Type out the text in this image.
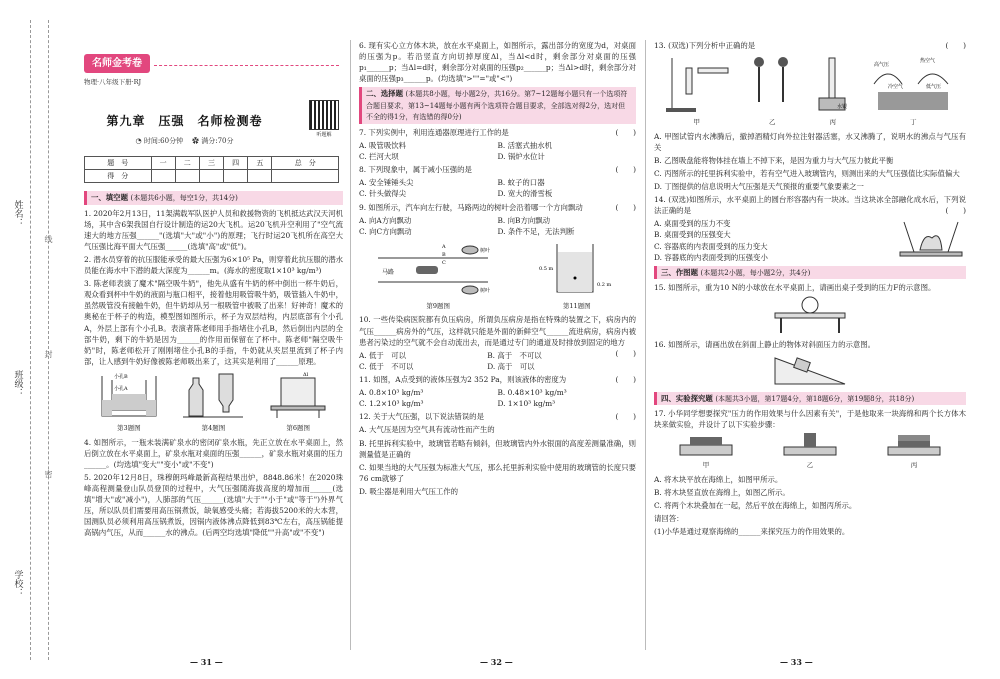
姓名：
班级：
学校：
线
封
密
名师金考卷
物理·八年级下册·RJ
听题解
第九章　压强　名师检测卷
◔ 时间:60分钟 ✿ 满分:70分
题　号	一	二	三	四	五	总　分
得　分						
一、填空题 (本题共6小题，每空1分，共14分)
1. 2020年2月13日，11架满载军队医护人员和救援物资的飞机抵达武汉天河机场，其中含6架我国自行设计制造的运20大飞机。运20飞机升空利用了"空气流速大的地方压强______"(选填"大"或"小")的原理；飞行时运20飞机所在高空大气压强比海平面大气压强______(选填"高"或"低")。
2. 潜水员穿着的抗压服能承受的最大压强为6×10⁵ Pa，则穿着此抗压服的潜水员能在海水中下潜的最大深度为______m。(海水的密度取1×10³ kg/m³)
3. 陈老师表演了魔术"隔空吸牛奶"，他先从盛有牛奶的杯中倒出一杯牛奶后，观众看到杯中牛奶的液面与瓶口相平，接着他用吸管吸牛奶，吸管插入牛奶中，虽然吸管没有接触牛奶，但牛奶却从另一根吸管中被吸了出来！好神奇！魔术的奥秘在于杯子的构造，模型图如图所示，杯子为双层结构，内层底部有个小孔A，外层上部有个小孔B。表演者陈老师用手指堵住小孔B，然后倒出内层的全部牛奶，剩下的牛奶是因为______的作用而保留在了杯中。陈老师"隔空吸牛奶"时，陈老师松开了刚刚堵住小孔B的手指，牛奶就从夹层里流到了杯子内部，让人感到牛奶好像被陈老师吸出来了，这其实是利用了______原理。
小孔B
小孔A
第3题图	第4题图
Δl
第6题图
4. 如图所示，一瓶未装满矿泉水的密闭矿泉水瓶，先正立放在水平桌面上，然后倒立放在水平桌面上，矿泉水瓶对桌面的压强______，矿泉水瓶对桌面的压力______。(均选填"变大""变小"或"不变")
5. 2020年12月8日，珠穆朗玛峰最新高程结果出炉，8848.86米！在2020珠峰高程测量登山队员登顶的过程中，大气压强随海拔高度的增加而______(选填"增大"或"减小")，人肺部的气压______(选填"大于""小于"或"等于")外界气压，所以队员们需要用高压锅煮饭，缺氧感受头痛；若海拔5200米的大本营，国测队员必须利用高压锅煮饭，因锅内液体沸点降低到83℃左右，高压锅能提高锅内气压，从而______水的沸点。(后两空均选填"降低""升高"或"不变")
6. 现有实心立方体木块，放在水平桌面上，如图所示，露出部分的宽度为d，对桌面的压强为p。若沿竖直方向切掉厚度Δl，当Δl<d时，剩余部分对桌面的压强p₁______p；当Δl=d时，剩余部分对桌面的压强p₂______p；当Δl>d时，剩余部分对桌面的压强p₃______p。(均选填">""="或"<")
二、选择题 (本题共8小题，每小题2分，共16分。第7~12题每小题只有一个选项符合题目要求，第13~14题每小题有两个选项符合题目要求，全部选对得2分，选对但不全的得1分，有选错的得0分)
7. 下列实例中，利用连通器原理进行工作的是	(　　)
A. 吸管吸饮料	B. 活塞式抽水机
C. 拦河大坝	D. 锅炉水位计
8. 下列现象中，属于减小压强的是	(　　)
A. 安全锤锤头尖	B. 蚊子的口器
C. 针头做得尖	D. 宽大的滑雪板
9. 如图所示，汽车向左行驶，马路两边的树叶会沿着哪一个方向飘动	(　　)
A. 向A方向飘动	B. 向B方向飘动
C. 向C方向飘动	D. 条件不足，无法判断
马路
树叶
树叶
A
B
C
第9题图
0.5 m
0.2 m
第11题图
10. 一些传染病医院都有负压病房，所谓负压病房是指在特殊的装置之下，病房内的气压______病房外的气压，这样就只能是外面的新鲜空气______流进病房，病房内被患者污染过的空气就不会自动流出去，而是通过专门的通道及时排放到固定的地方
(　　)
A. 低于　可以	B. 高于　不可以
C. 低于　不可以	D. 高于　可以
11. 如图，A点受到的液体压强为2 352 Pa，则该液体的密度为	(　　)
A. 0.8×10³ kg/m³	B. 0.48×10³ kg/m³
C. 1.2×10³ kg/m³	D. 1×10³ kg/m³
12. 关于大气压强，以下说法错误的是	(　　)
A. 大气压是因为空气具有流动性而产生的
B. 托里拆利实验中，玻璃管若略有倾斜，但玻璃管内外水银面的高度差测量准确，则测量值是正确的
C. 如果当地的大气压强为标准大气压，那么托里拆利实验中使用的玻璃管的长度只要76 cm就够了
D. 吸尘器是利用大气压工作的
13. (双选)下列分析中正确的是	(　　)
甲	乙
水银
丙
高气压
热空气
冷空气	低气压
丁
A. 甲图试管内水沸腾后，撤掉酒精灯向外拉注射器活塞，水又沸腾了，说明水的沸点与气压有关
B. 乙图吸盘能将物体挂在墙上不掉下来，是因为重力与大气压力彼此平衡
C. 丙图所示的托里拆利实验中，若有空气进入玻璃管内，则测出来的大气压强值比实际值偏大
D. 丁图提供的信息说明大气压强是天气预报的重要气象要素之一
14. (双选)如图所示，水平桌面上的圆台形容器内有一块冰。当这块冰全部融化成水后，下列说法正确的是	(　　)
A. 桌面受到的压力不变
B. 桌面受到的压强变大
C. 容器底的内表面受到的压力变大
D. 容器底的内表面受到的压强变小
三、作图题 (本题共2小题，每小题2分，共4分)
15. 如图所示，重为10 N的小球放在水平桌面上，请画出桌子受到的压力F的示意图。
16. 如图所示，请画出放在斜面上静止的物体对斜面压力的示意图。
四、实验探究题 (本题共3小题，第17题4分，第18题6分，第19题8分，共18分)
17. 小华同学想要探究"压力的作用效果与什么因素有关"，于是他取来一块海绵和两个长方体木块来做实验，并设计了以下实验步骤：
甲	乙	丙
A. 将木块平放在海绵上，如图甲所示。
B. 将木块竖直放在海绵上，如图乙所示。
C. 将两个木块叠加在一起，然后平放在海绵上，如图丙所示。
请回答：
(1)小华是通过观察海绵的______来探究压力的作用效果的。
— 31 —	— 32 —	— 33 —
